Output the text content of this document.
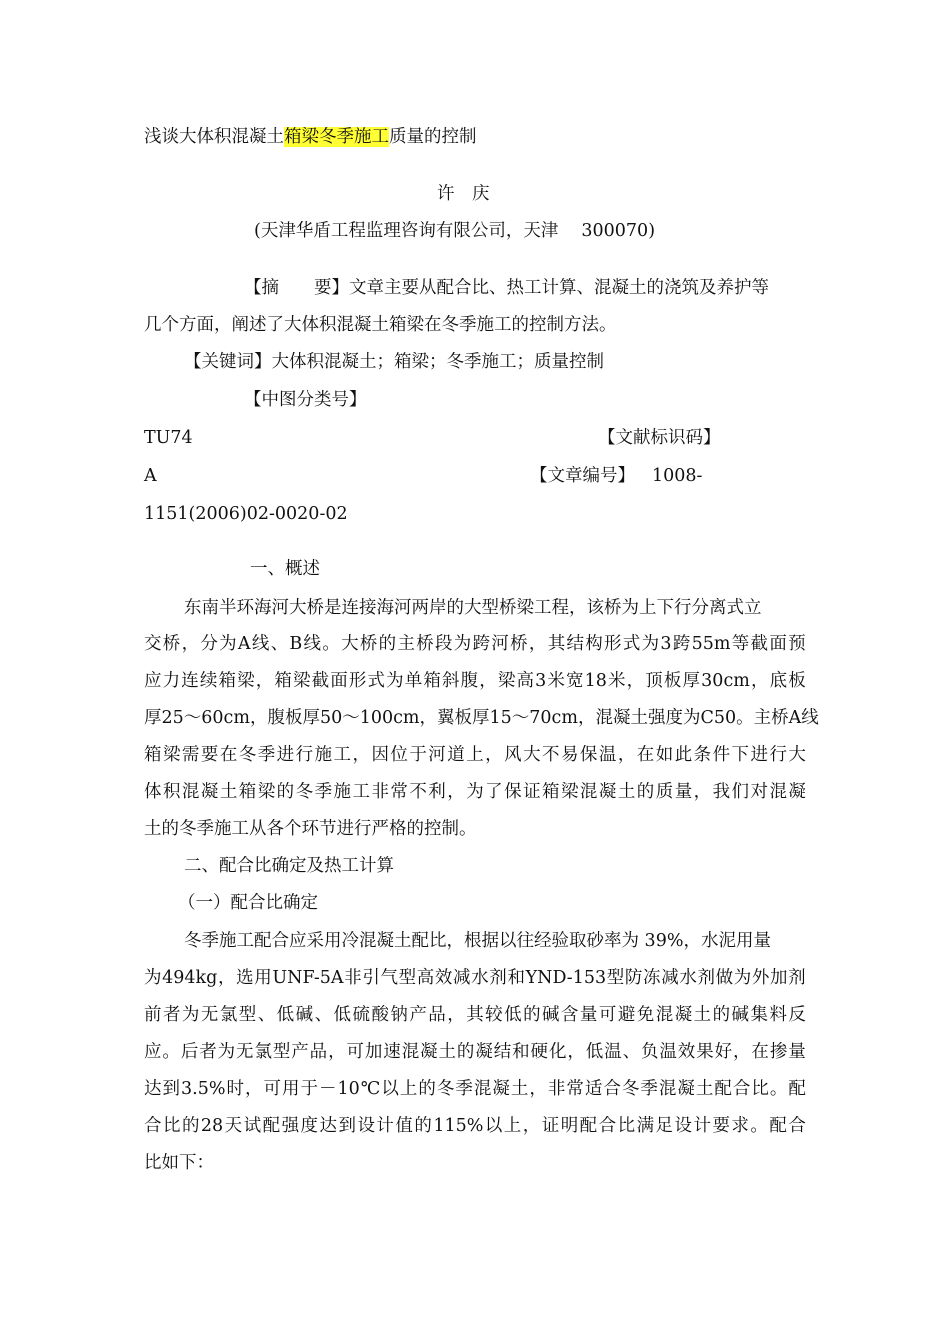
浅谈大体积混凝土箱梁冬季施工质量的控制
许　庆
(天津华盾工程监理咨询有限公司，天津　 300070)
【摘　　要】文章主要从配合比、热工计算、混凝土的浇筑及养护等
几个方面，阐述了大体积混凝土箱梁在冬季施工的控制方法。
【关键词】大体积混凝土；箱梁；冬季施工；质量控制
【中图分类号】
TU74	【文献标识码】
A	【文章编号】 1008-
1151(2006)02-0020-02
一、概述
东南半环海河大桥是连接海河两岸的大型桥梁工程，该桥为上下行分离式立
交 桥 ， 分 为 A 线 、 B 线 。 大 桥 的 主 桥 段 为 跨 河 桥 ， 其 结 构 形 式 为 3 跨 55m 等 截 面 预
应 力 连 续 箱 梁 ， 箱 梁 截 面 形 式 为 单 箱 斜 腹 ， 梁 高 3 米 宽 18 米 ， 顶 板 厚 30cm ， 底 板
厚 25～60cm ， 腹 板 厚 50～100cm ， 翼 板 厚 15～70cm ， 混 凝 土 强 度 为 C50 。 主 桥 A 线
箱 梁 需 要 在 冬 季 进 行 施 工 ， 因 位 于 河 道 上 ， 风 大 不 易 保 温 ， 在 如 此 条 件 下 进 行 大
体 积 混 凝 土 箱 梁 的 冬 季 施 工 非 常 不 利 ， 为 了 保 证 箱 梁 混 凝 土 的 质 量 ， 我 们 对 混 凝
土的冬季施工从各个环节进行严格的控制。
二、配合比确定及热工计算
（一）配合比确定
冬季施工配合应采用冷混凝土配比，根据以往经验取砂率为 39%，水泥用量
为 494kg ， 选 用 UNF-5A 非 引 气 型 高 效 减 水 剂 和 YND-153 型 防 冻 减 水 剂 做 为 外 加 剂
前 者 为 无 氯 型 、 低 碱 、 低 硫 酸 钠 产 品 ， 其 较 低 的 碱 含 量 可 避 免 混 凝 土 的 碱 集 料 反
应 。 后 者 为 无 氯 型 产 品 ， 可 加 速 混 凝 土 的 凝 结 和 硬 化 ， 低 温 、 负 温 效 果 好 ， 在 掺 量
达 到 3.5% 时 ， 可 用 于 － 10 ℃ 以 上 的 冬 季 混 凝 土 ， 非 常 适 合 冬 季 混 凝 土 配 合 比 。 配
合 比 的 28 天 试 配 强 度 达 到 设 计 值 的 115% 以 上 ， 证 明 配 合 比 满 足 设 计 要 求 。 配 合
比如下：
